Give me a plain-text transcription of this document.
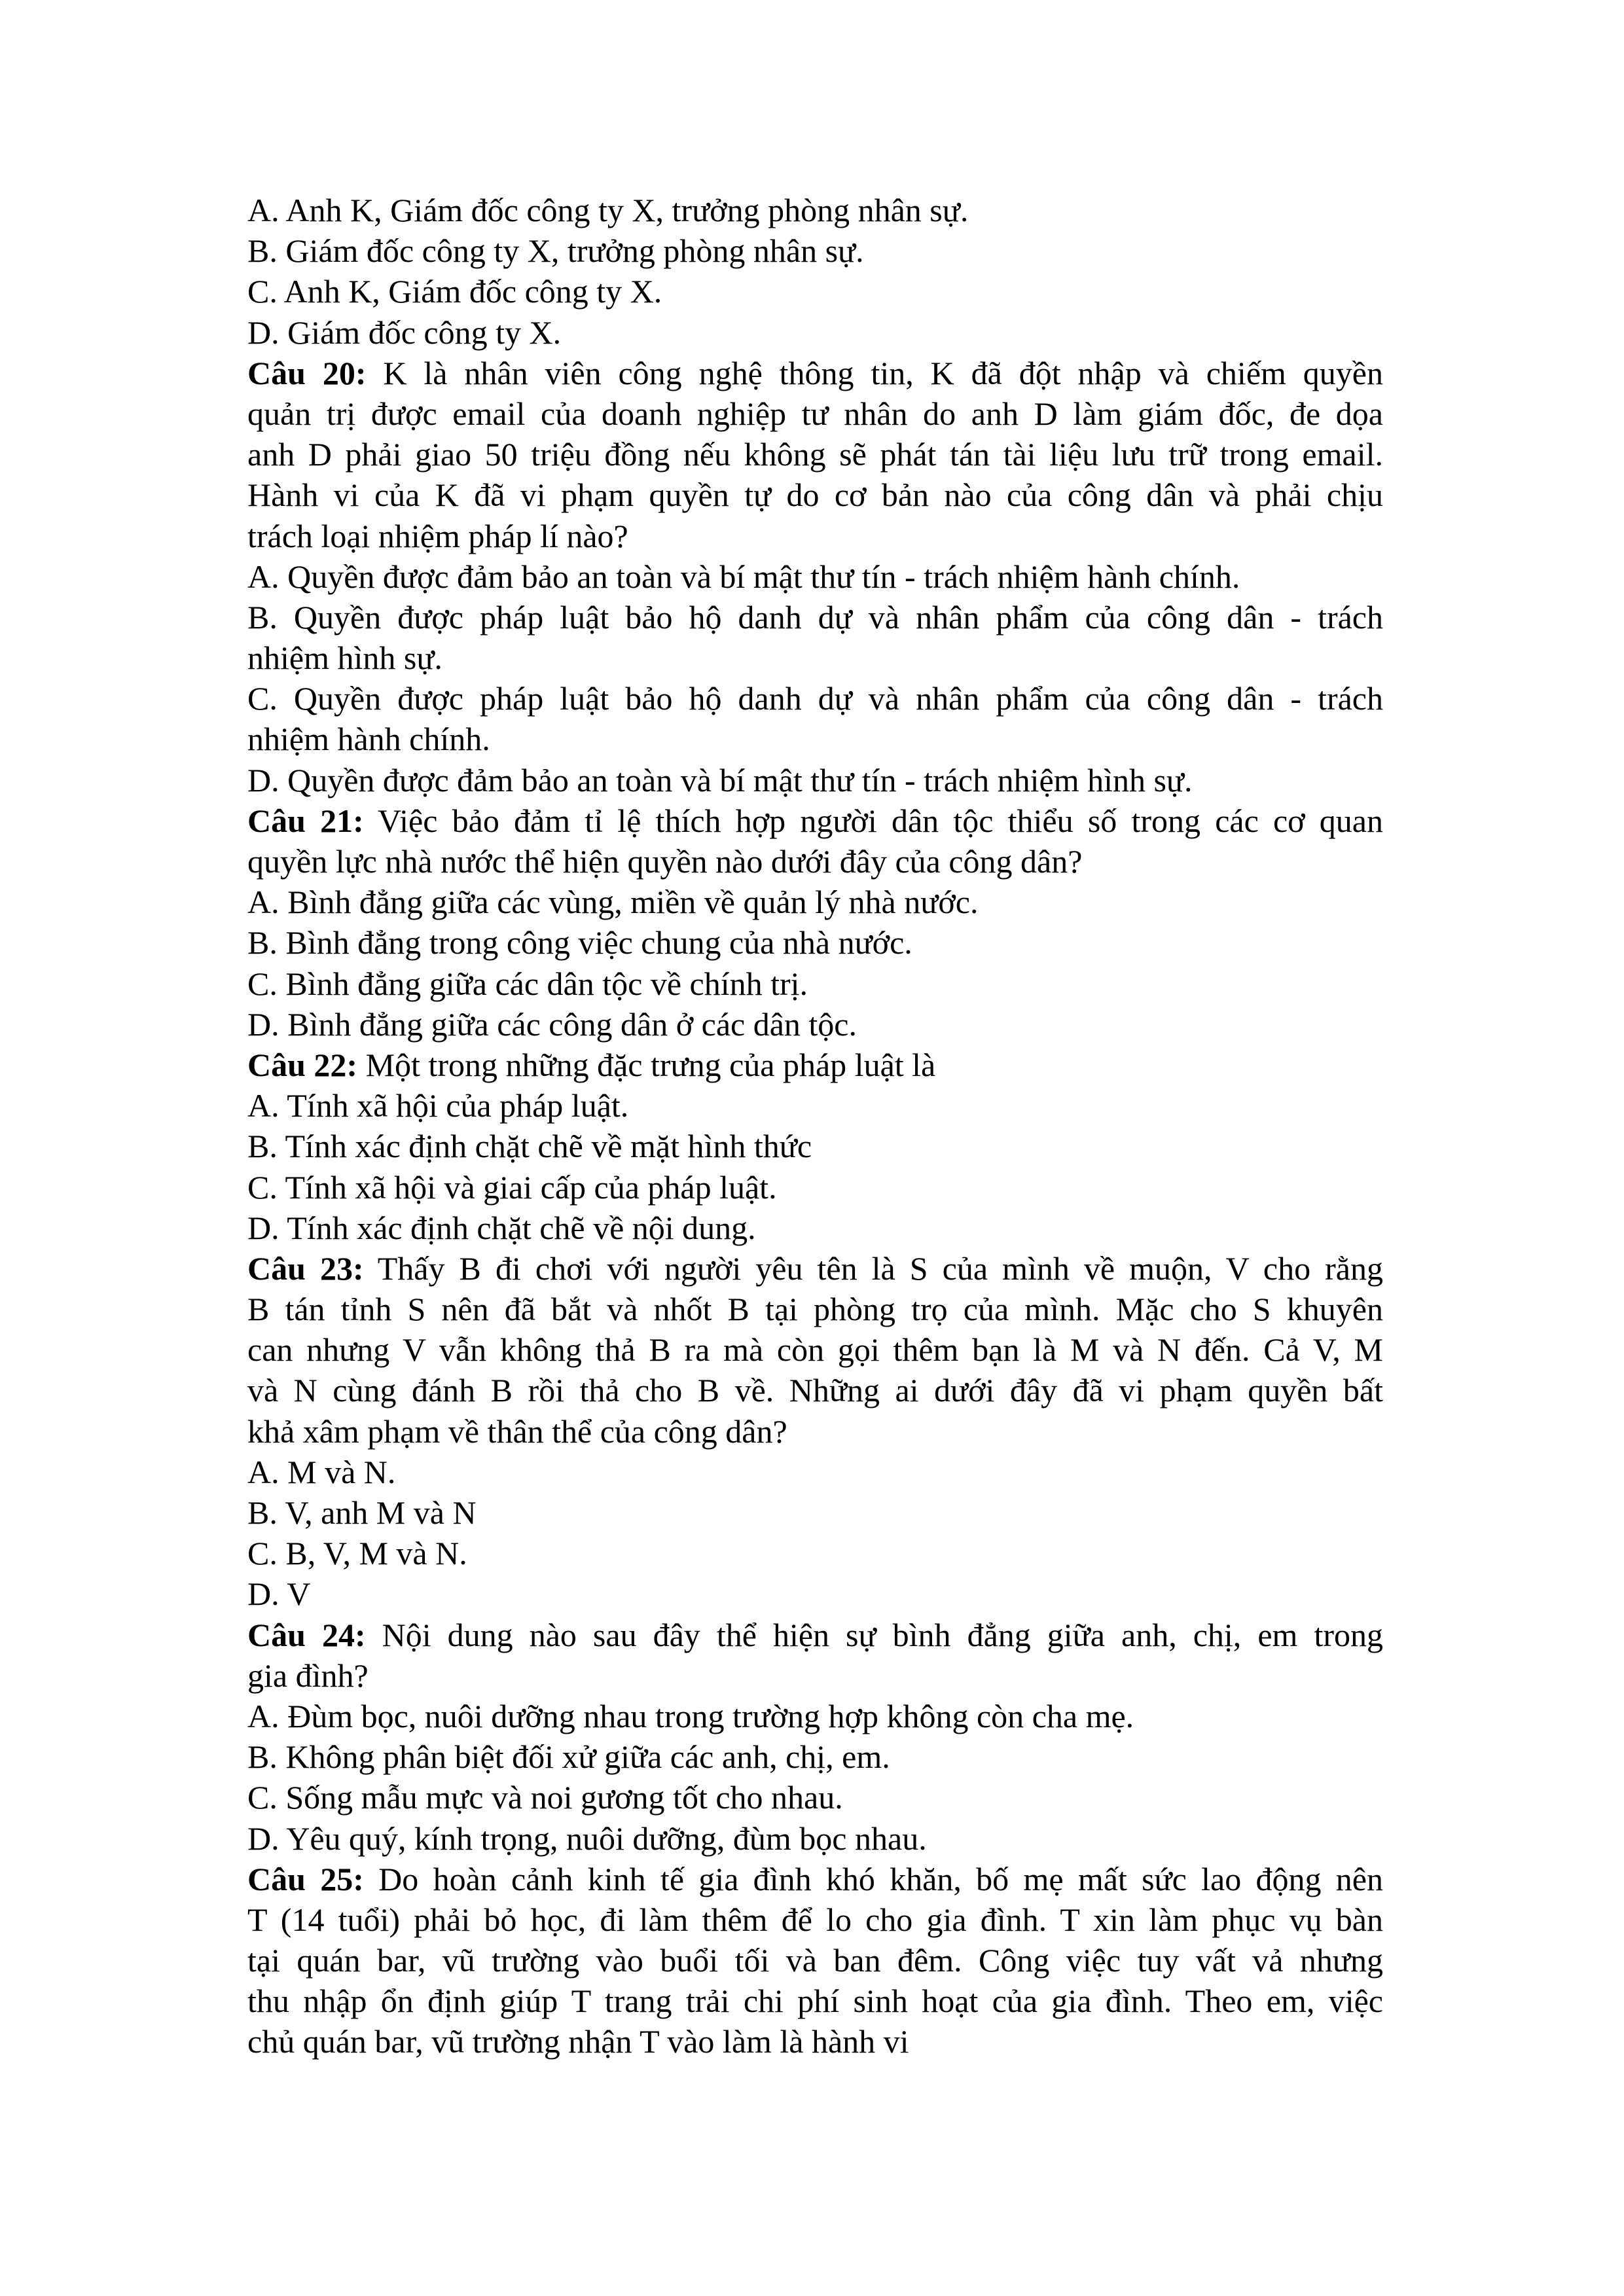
A. Anh K, Giám đốc công ty X, trưởng phòng nhân sự.
B. Giám đốc công ty X, trưởng phòng nhân sự.
C. Anh K, Giám đốc công ty X.
D. Giám đốc công ty X.
Câu 20: K là nhân viên công nghệ thông tin, K đã đột nhập và chiếm quyền
quản trị được email của doanh nghiệp tư nhân do anh D làm giám đốc, đe dọa
anh D phải giao 50 triệu đồng nếu không sẽ phát tán tài liệu lưu trữ trong email.
Hành vi của K đã vi phạm quyền tự do cơ bản nào của công dân và phải chịu
trách loại nhiệm pháp lí nào?
A. Quyền được đảm bảo an toàn và bí mật thư tín - trách nhiệm hành chính.
B. Quyền được pháp luật bảo hộ danh dự và nhân phẩm của công dân - trách
nhiệm hình sự.
C. Quyền được pháp luật bảo hộ danh dự và nhân phẩm của công dân - trách
nhiệm hành chính.
D. Quyền được đảm bảo an toàn và bí mật thư tín - trách nhiệm hình sự.
Câu 21: Việc bảo đảm tỉ lệ thích hợp người dân tộc thiểu số trong các cơ quan
quyền lực nhà nước thể hiện quyền nào dưới đây của công dân?
A. Bình đẳng giữa các vùng, miền về quản lý nhà nước.
B. Bình đẳng trong công việc chung của nhà nước.
C. Bình đẳng giữa các dân tộc về chính trị.
D. Bình đẳng giữa các công dân ở các dân tộc.
Câu 22: Một trong những đặc trưng của pháp luật là
A. Tính xã hội của pháp luật.
B. Tính xác định chặt chẽ về mặt hình thức
C. Tính xã hội và giai cấp của pháp luật.
D. Tính xác định chặt chẽ về nội dung.
Câu 23: Thấy B đi chơi với người yêu tên là S của mình về muộn, V cho rằng
B tán tỉnh S nên đã bắt và nhốt B tại phòng trọ của mình. Mặc cho S khuyên
can nhưng V vẫn không thả B ra mà còn gọi thêm bạn là M và N đến. Cả V, M
và N cùng đánh B rồi thả cho B về. Những ai dưới đây đã vi phạm quyền bất
khả xâm phạm về thân thể của công dân?
A. M và N.
B. V, anh M và N
C. B, V, M và N.
D. V
Câu 24: Nội dung nào sau đây thể hiện sự bình đẳng giữa anh, chị, em trong
gia đình?
A. Đùm bọc, nuôi dưỡng nhau trong trường hợp không còn cha mẹ.
B. Không phân biệt đối xử giữa các anh, chị, em.
C. Sống mẫu mực và noi gương tốt cho nhau.
D. Yêu quý, kính trọng, nuôi dưỡng, đùm bọc nhau.
Câu 25: Do hoàn cảnh kinh tế gia đình khó khăn, bố mẹ mất sức lao động nên
T (14 tuổi) phải bỏ học, đi làm thêm để lo cho gia đình. T xin làm phục vụ bàn
tại quán bar, vũ trường vào buổi tối và ban đêm. Công việc tuy vất vả nhưng
thu nhập ổn định giúp T trang trải chi phí sinh hoạt của gia đình. Theo em, việc
chủ quán bar, vũ trường nhận T vào làm là hành vi
